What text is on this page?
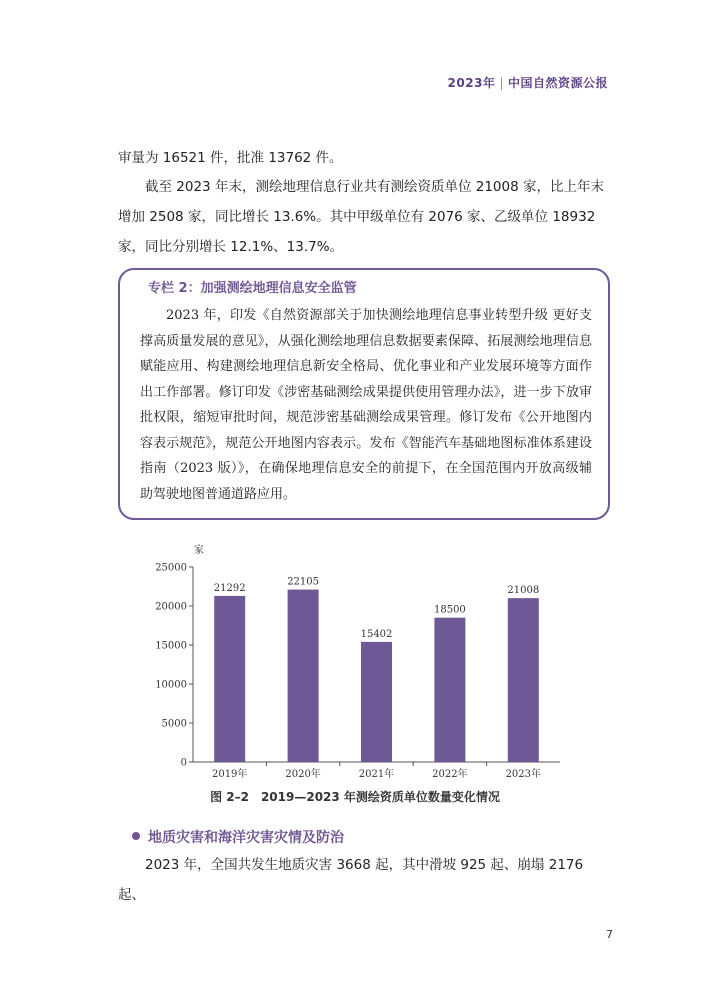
2023年 | 中国自然资源公报

审量为 16521 件，批准 13762 件。

截至 2023 年末，测绘地理信息行业共有测绘资质单位 21008 家，比上年末增加 2508 家，同比增长 13.6%。其中甲级单位有 2076 家、乙级单位 18932 家，同比分别增长 12.1%、13.7%。

专栏 2：加强测绘地理信息安全监管

2023 年，印发《自然资源部关于加快测绘地理信息事业转型升级 更好支撑高质量发展的意见》，从强化测绘地理信息数据要素保障、拓展测绘地理信息赋能应用、构建测绘地理信息新安全格局、优化事业和产业发展环境等方面作出工作部署。修订印发《涉密基础测绘成果提供使用管理办法》，进一步下放审批权限，缩短审批时间，规范涉密基础测绘成果管理。修订发布《公开地图内容表示规范》，规范公开地图内容表示。发布《智能汽车基础地图标准体系建设指南（2023 版）》，在确保地理信息安全的前提下，在全国范围内开放高级辅助驾驶地图普通道路应用。

家
0
5000
10000
15000
20000
25000
21292
2019年
22105
2020年
15402
2021年
18500
2022年
21008
2023年
图 2–2　2019—2023 年测绘资质单位数量变化情况
地质灾害和海洋灾害灾情及防治

2023 年，全国共发生地质灾害 3668 起，其中滑坡 925 起、崩塌 2176 起、

7
